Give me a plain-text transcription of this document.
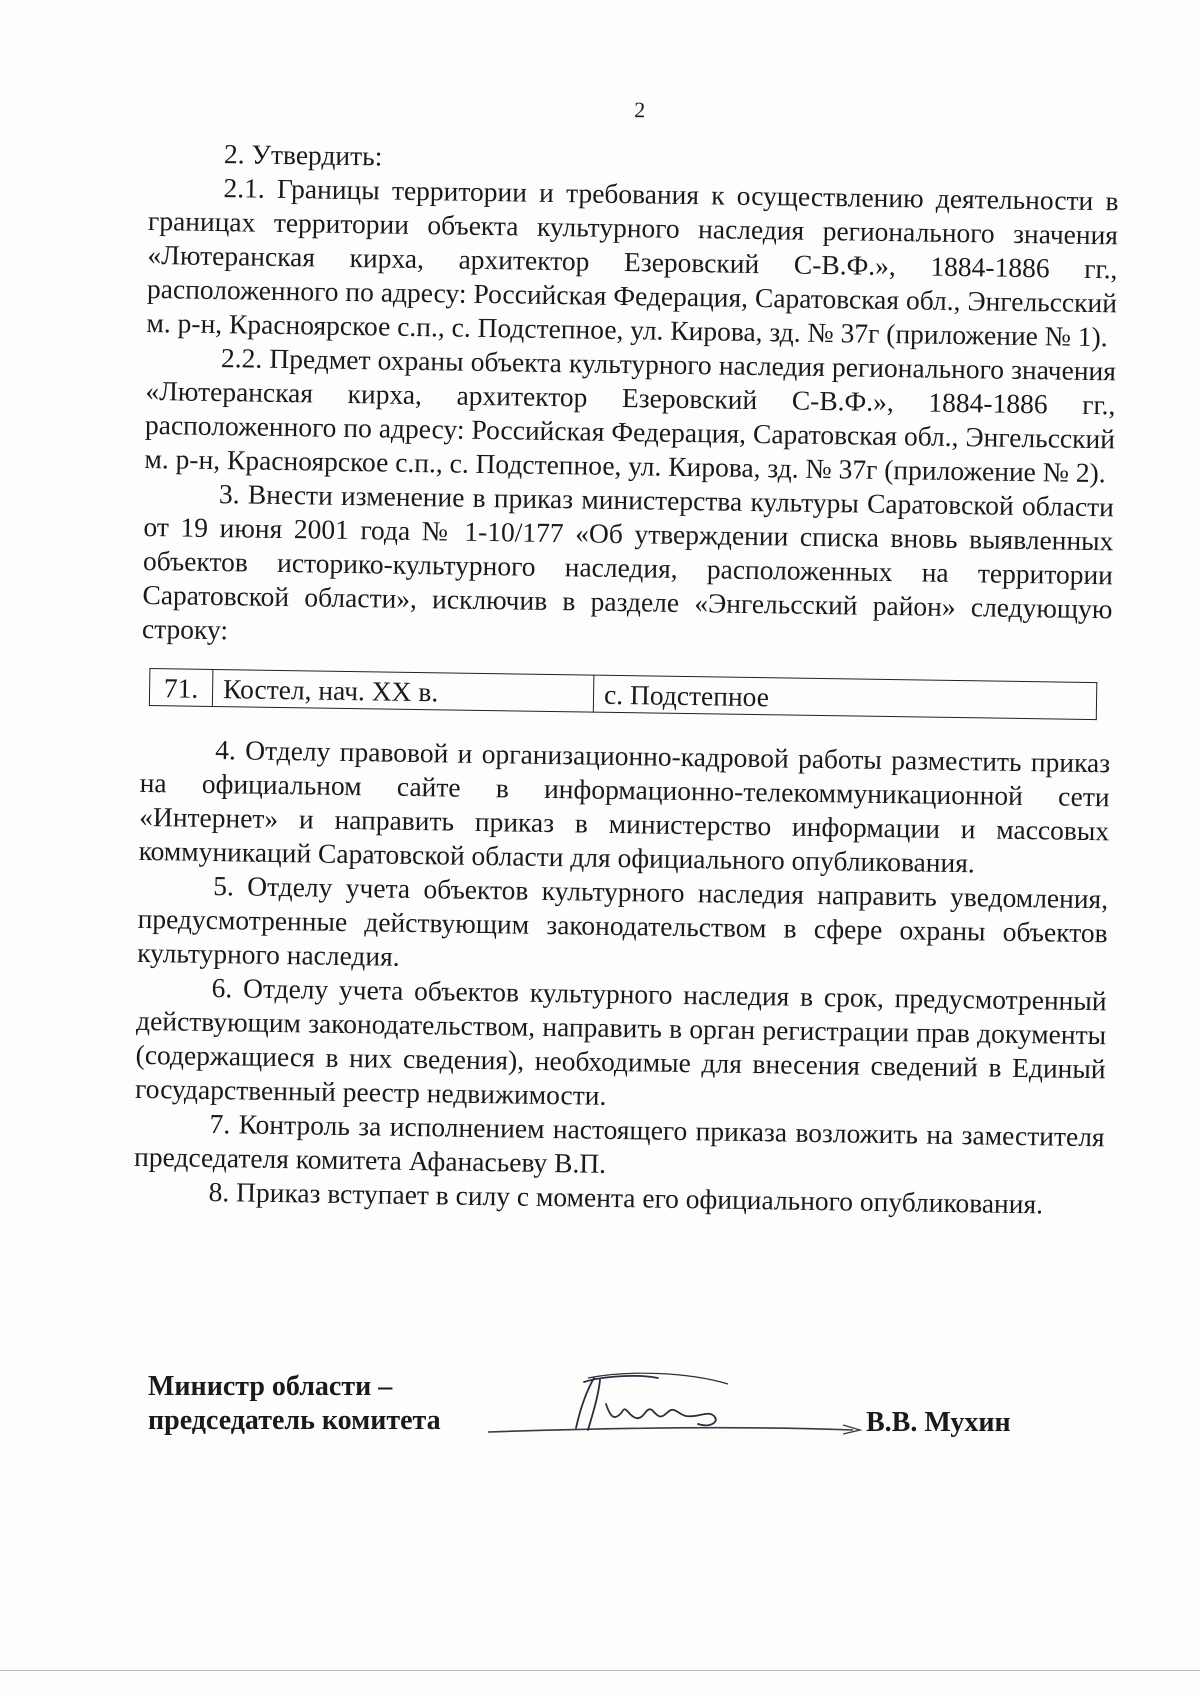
2

2. Утвердить:

2.1. Границы территории и требования к осуществлению деятельности в границах территории объекта культурного наследия регионального значения «Лютеранская кирха, архитектор Езеровский С-В.Ф.», 1884-1886 гг., расположенного по адресу: Российская Федерация, Саратовская обл., Энгельсский м. р-н, Красноярское с.п., с. Подстепное, ул. Кирова, зд. № 37г (приложение № 1).

2.2. Предмет охраны объекта культурного наследия регионального значения «Лютеранская кирха, архитектор Езеровский С-В.Ф.», 1884-1886 гг., расположенного по адресу: Российская Федерация, Саратовская обл., Энгельсский м. р-н, Красноярское с.п., с. Подстепное, ул. Кирова, зд. № 37г (приложение № 2).

3. Внести изменение в приказ министерства культуры Саратовской области от 19 июня 2001 года № 1-10/177 «Об утверждении списка вновь выявленных объектов историко-культурного наследия, расположенных на территории Саратовской области», исключив в разделе «Энгельсский район» следующую строку:

71.	Костел, нач. XX в.	с. Подстепное

4. Отделу правовой и организационно-кадровой работы разместить приказ на официальном сайте в информационно-телекоммуникационной сети «Интернет» и направить приказ в министерство информации и массовых коммуникаций Саратовской области для официального опубликования.

5. Отделу учета объектов культурного наследия направить уведомления, предусмотренные действующим законодательством в сфере охраны объектов культурного наследия.

6. Отделу учета объектов культурного наследия в срок, предусмотренный действующим законодательством, направить в орган регистрации прав документы (содержащиеся в них сведения), необходимые для внесения сведений в Единый государственный реестр недвижимости.

7. Контроль за исполнением настоящего приказа возложить на заместителя председателя комитета Афанасьеву В.П.

8. Приказ вступает в силу с момента его официального опубликования.

Министр области –
председатель комитета	В.В. Мухин
